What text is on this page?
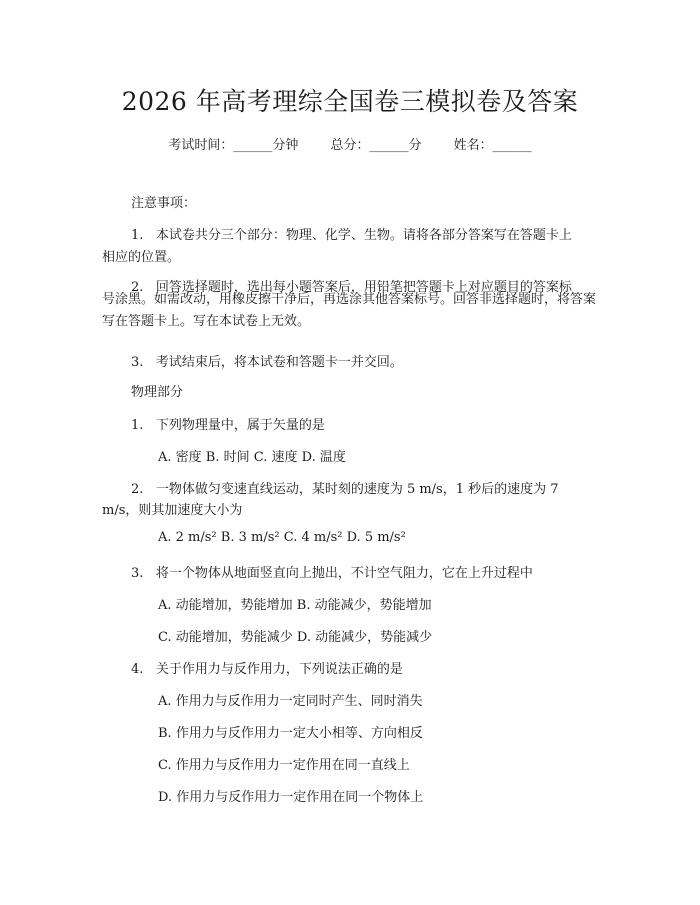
2026 年高考理综全国卷三模拟卷及答案
考试时间：______分钟 总分：______分 姓名：______
注意事项：
1. 本试卷共分三个部分：物理、化学、生物。请将各部分答案写在答题卡上
相应的位置。
2. 回答选择题时，选出每小题答案后，用铅笔把答题卡上对应题目的答案标
号涂黑。如需改动，用橡皮擦干净后，再选涂其他答案标号。回答非选择题时，将答案写在答题卡上。写在本试卷上无效。
3. 考试结束后，将本试卷和答题卡一并交回。
物理部分
1. 下列物理量中，属于矢量的是
A. 密度 B. 时间 C. 速度 D. 温度
2. 一物体做匀变速直线运动，某时刻的速度为 5 m/s，1 秒后的速度为 7
m/s，则其加速度大小为
A. 2 m/s² B. 3 m/s² C. 4 m/s² D. 5 m/s²
3. 将一个物体从地面竖直向上抛出，不计空气阻力，它在上升过程中
A. 动能增加，势能增加 B. 动能减少，势能增加
C. 动能增加，势能减少 D. 动能减少，势能减少
4. 关于作用力与反作用力，下列说法正确的是
A. 作用力与反作用力一定同时产生、同时消失
B. 作用力与反作用力一定大小相等、方向相反
C. 作用力与反作用力一定作用在同一直线上
D. 作用力与反作用力一定作用在同一个物体上
